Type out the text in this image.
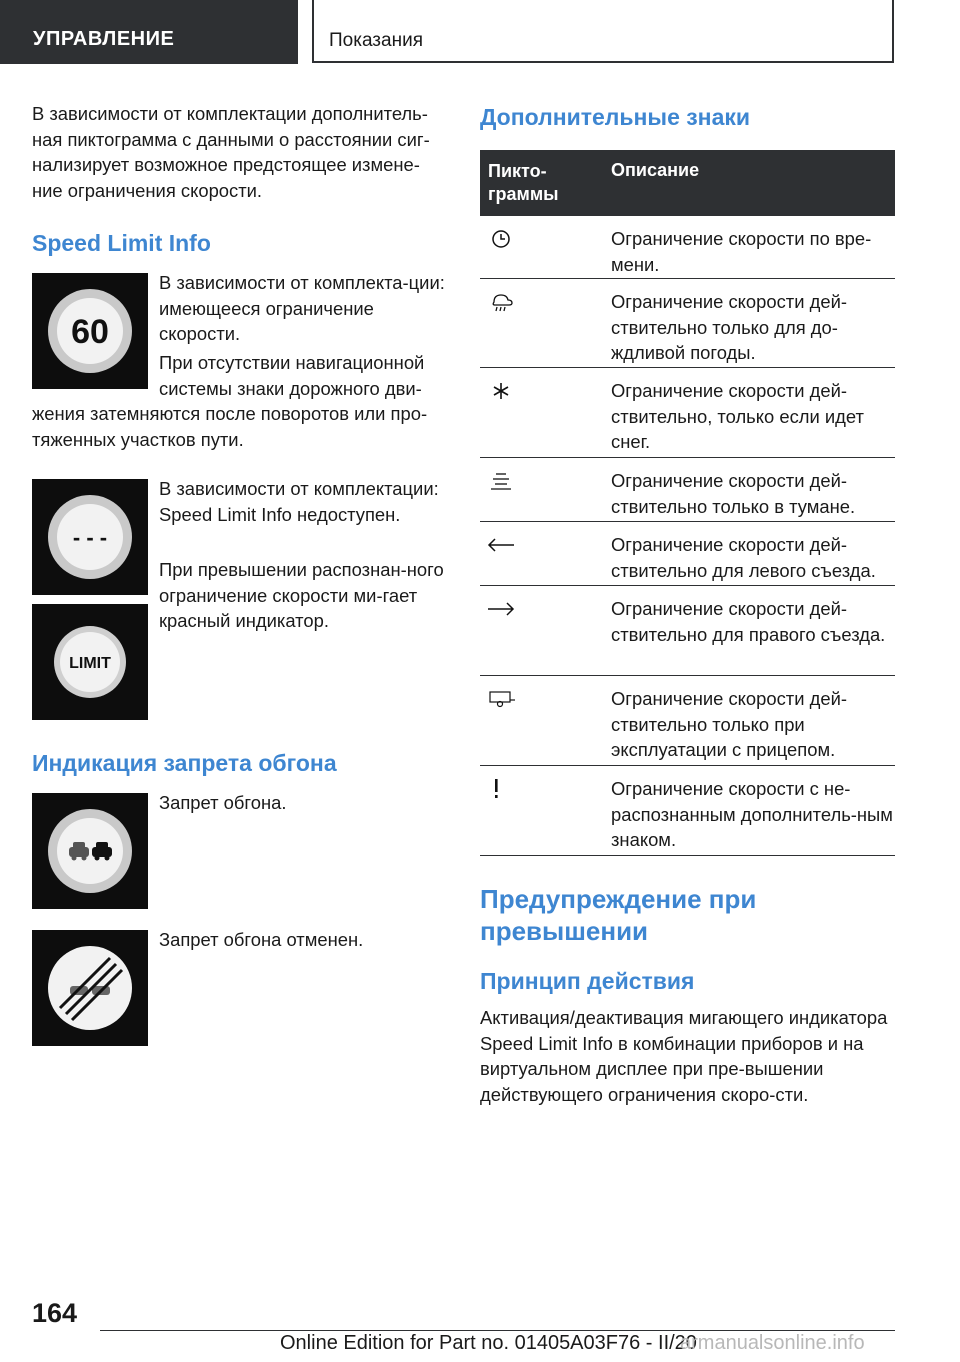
УПРАВЛЕНИЕ	Показания

В зависимости от комплектации дополнитель-ная пиктограмма с данными о расстоянии сиг-нализирует возможное предстоящее измене-ние ограничения скорости.

Speed Limit Info
60

В зависимости от комплекта-ции: имеющееся ограничение скорости.

При отсутствии навигационной системы знаки дорожного дви-

жения затемняются после поворотов или про-тяженных участков пути.

- - -

В зависимости от комплектации: Speed Limit Info недоступен.

При превышении распознан-ного ограничение скорости ми-гает красный индикатор.

LIMIT
Индикация запрета обгона

Запрет обгона.

Запрет обгона отменен.

Дополнительные знаки
Пикто-граммы
Описание
Ограничение скорости по вре-мени.
Ограничение скорости дей-ствительно только для до-ждливой погоды.
Ограничение скорости дей-ствительно, только если идет снег.
Ограничение скорости дей-ствительно только в тумане.
Ограничение скорости дей-ствительно для левого съезда.
Ограничение скорости дей-ствительно для правого съезда.
Ограничение скорости дей-ствительно только при эксплуатации с прицепом.
Ограничение скорости с не-распознанным дополнитель-ным знаком.
Предупреждение при превышении
Принцип действия

Активация/деактивация мигающего индикатора Speed Limit Info в комбинации приборов и на виртуальном дисплее при пре-вышении действующего ограничения скоро-сти.

164
Online Edition for Part no. 01405A03F76 - II/20
armanualsonline.info
